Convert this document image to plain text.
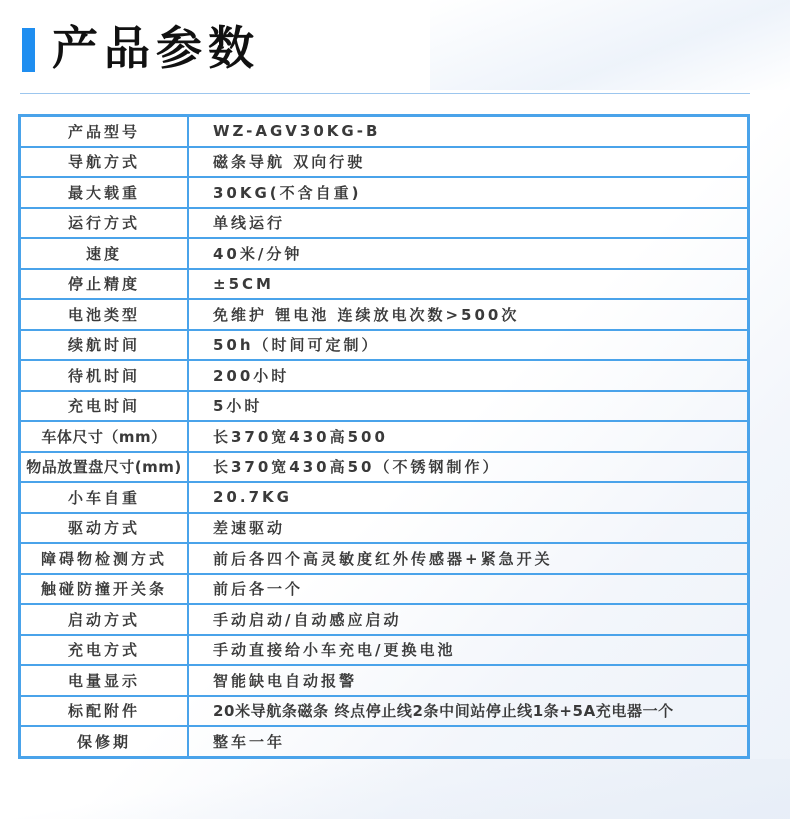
产品参数
产品型号	WZ-AGV30KG-B
导航方式	磁条导航 双向行驶
最大载重	30KG(不含自重)
运行方式	单线运行
速度	40米/分钟
停止精度	±5CM
电池类型	免维护 锂电池 连续放电次数>500次
续航时间	50h（时间可定制）
待机时间	200小时
充电时间	5小时
车体尺寸（mm）	长370宽430高500
物品放置盘尺寸(mm)	长370宽430高50（不锈钢制作）
小车自重	20.7KG
驱动方式	差速驱动
障碍物检测方式	前后各四个高灵敏度红外传感器+紧急开关
触碰防撞开关条	前后各一个
启动方式	手动启动/自动感应启动
充电方式	手动直接给小车充电/更换电池
电量显示	智能缺电自动报警
标配附件	20米导航条磁条 终点停止线2条中间站停止线1条+5A充电器一个
保修期	整车一年
